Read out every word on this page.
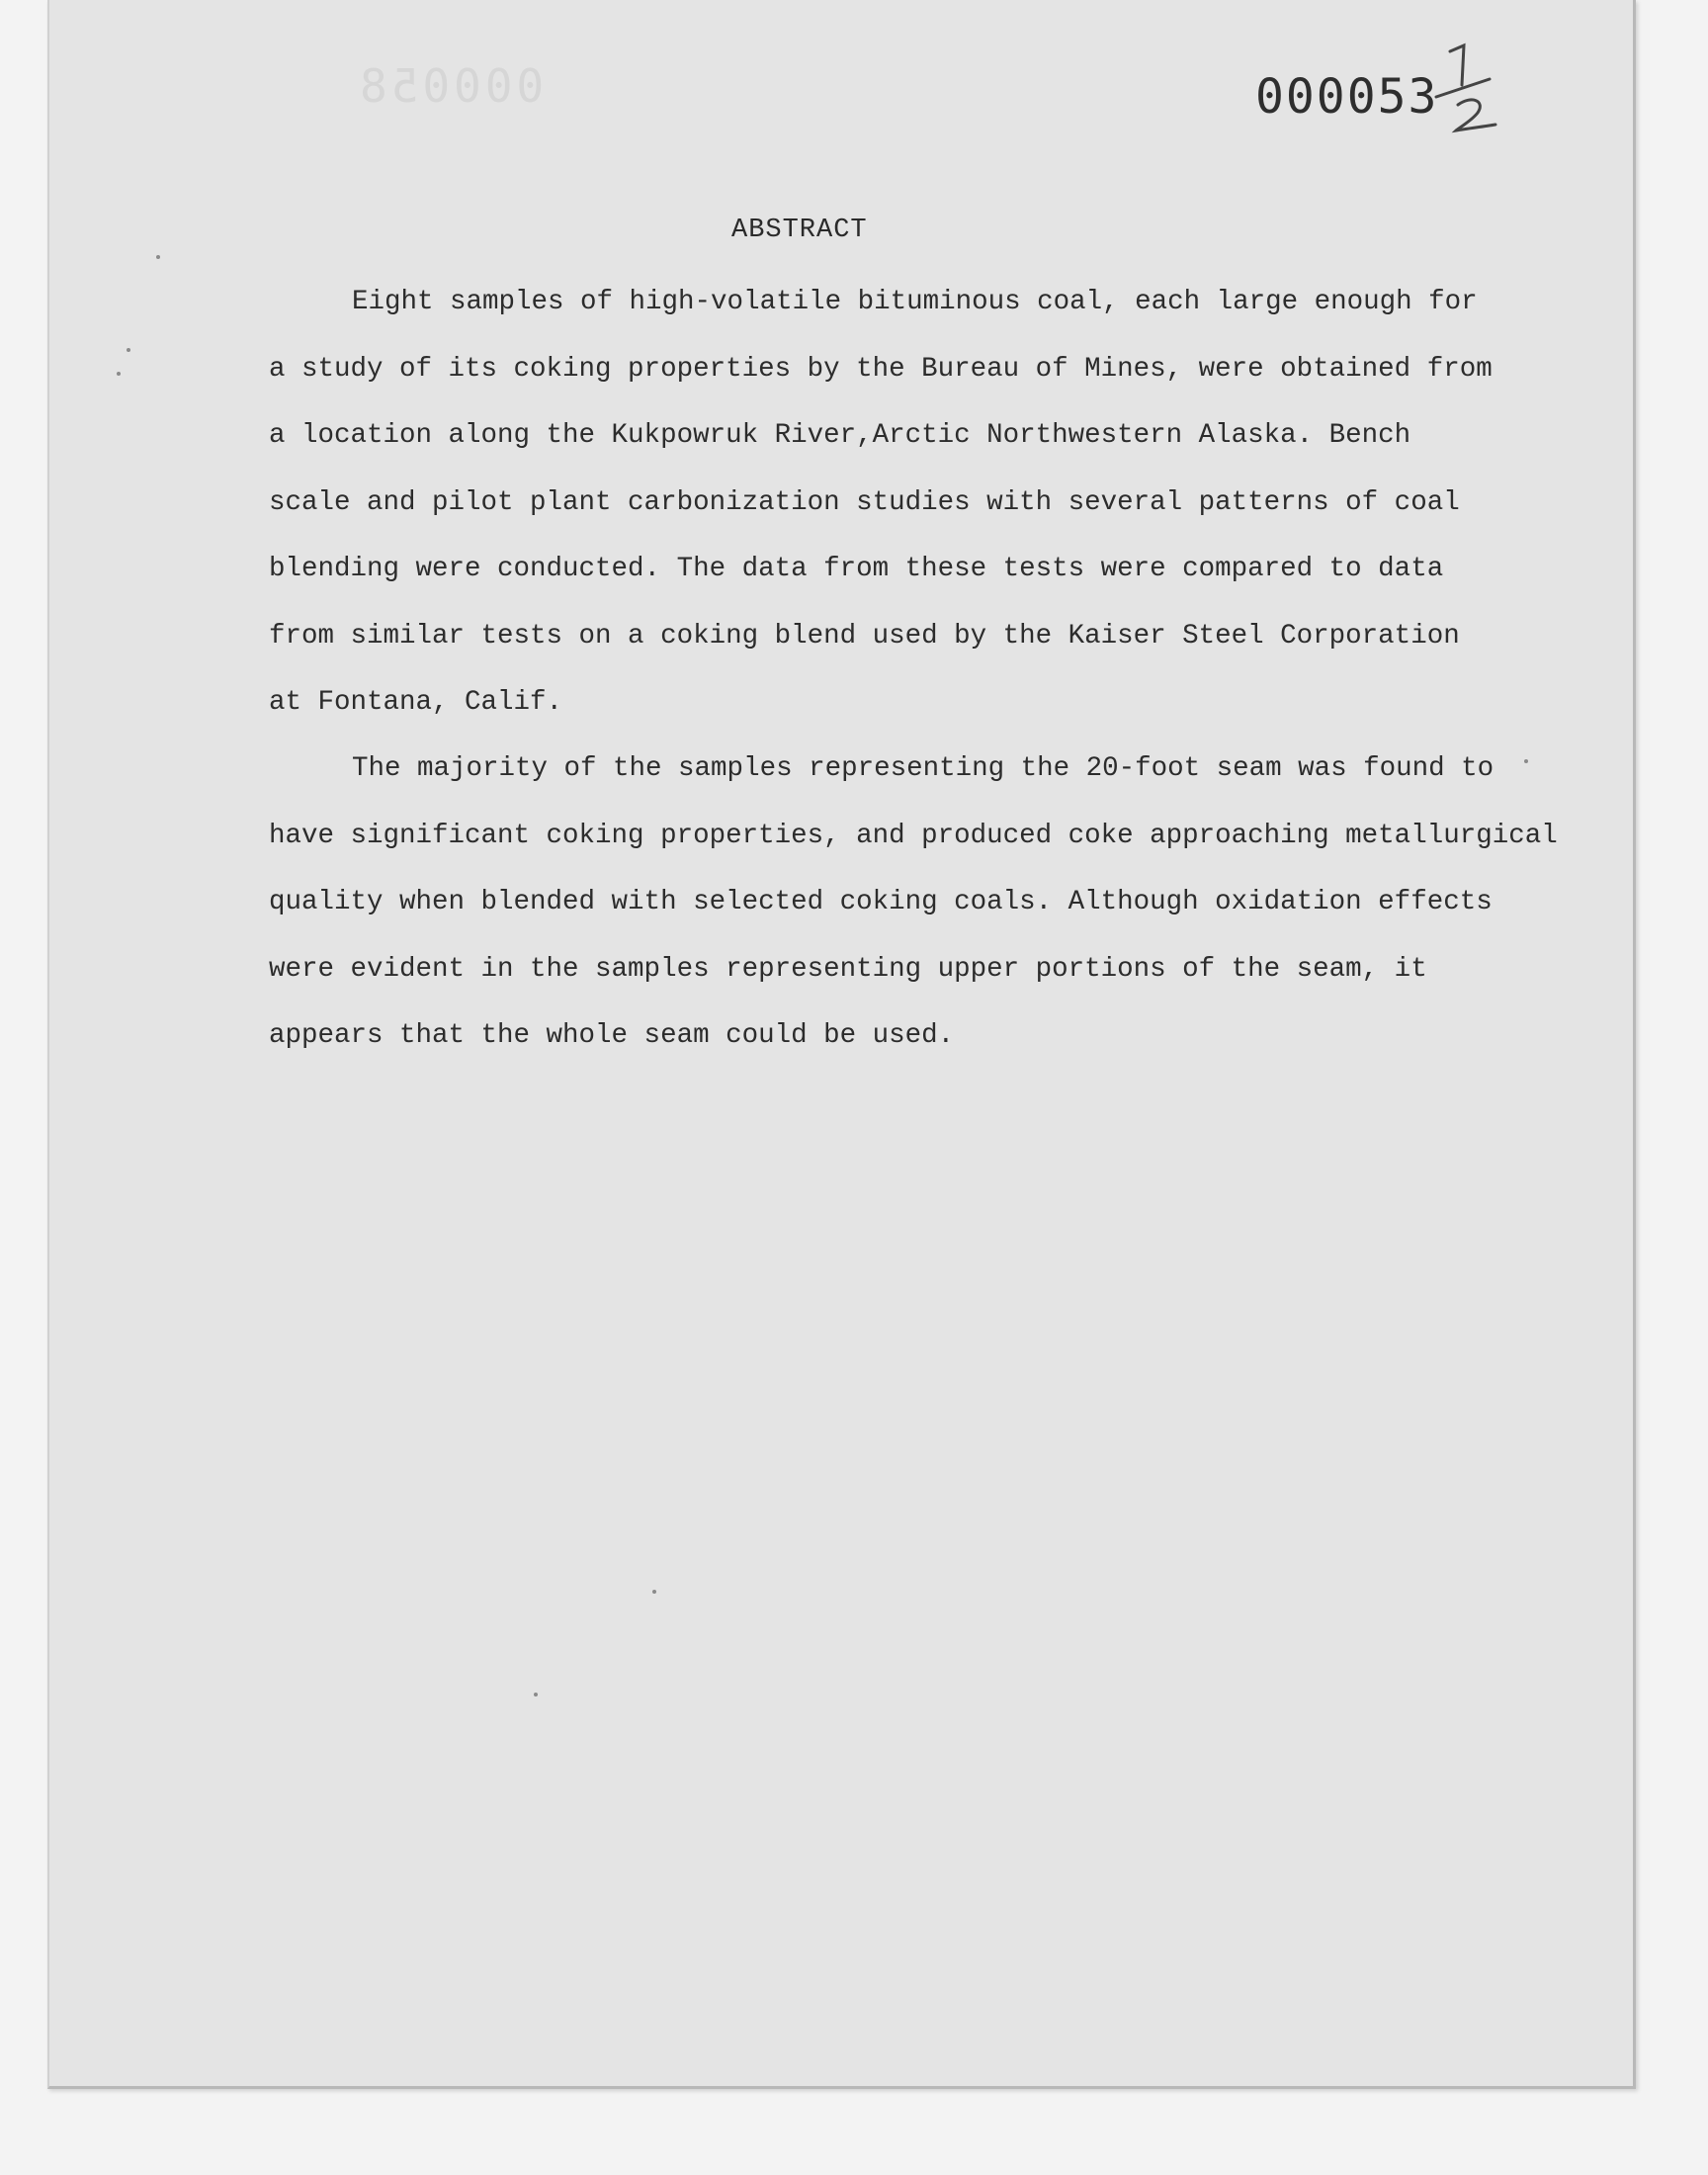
000058	000053
ABSTRACT

Eight samples of high-volatile bituminous coal, each large enough for
a study of its coking properties by the Bureau of Mines, were obtained from
a location along the Kukpowruk River,Arctic Northwestern Alaska. Bench
scale and pilot plant carbonization studies with several patterns of coal
blending were conducted. The data from these tests were compared to data
from similar tests on a coking blend used by the Kaiser Steel Corporation
at Fontana, Calif.

The majority of the samples representing the 20-foot seam was found to
have significant coking properties, and produced coke approaching metallurgical
quality when blended with selected coking coals. Although oxidation effects
were evident in the samples representing upper portions of the seam, it
appears that the whole seam could be used.
